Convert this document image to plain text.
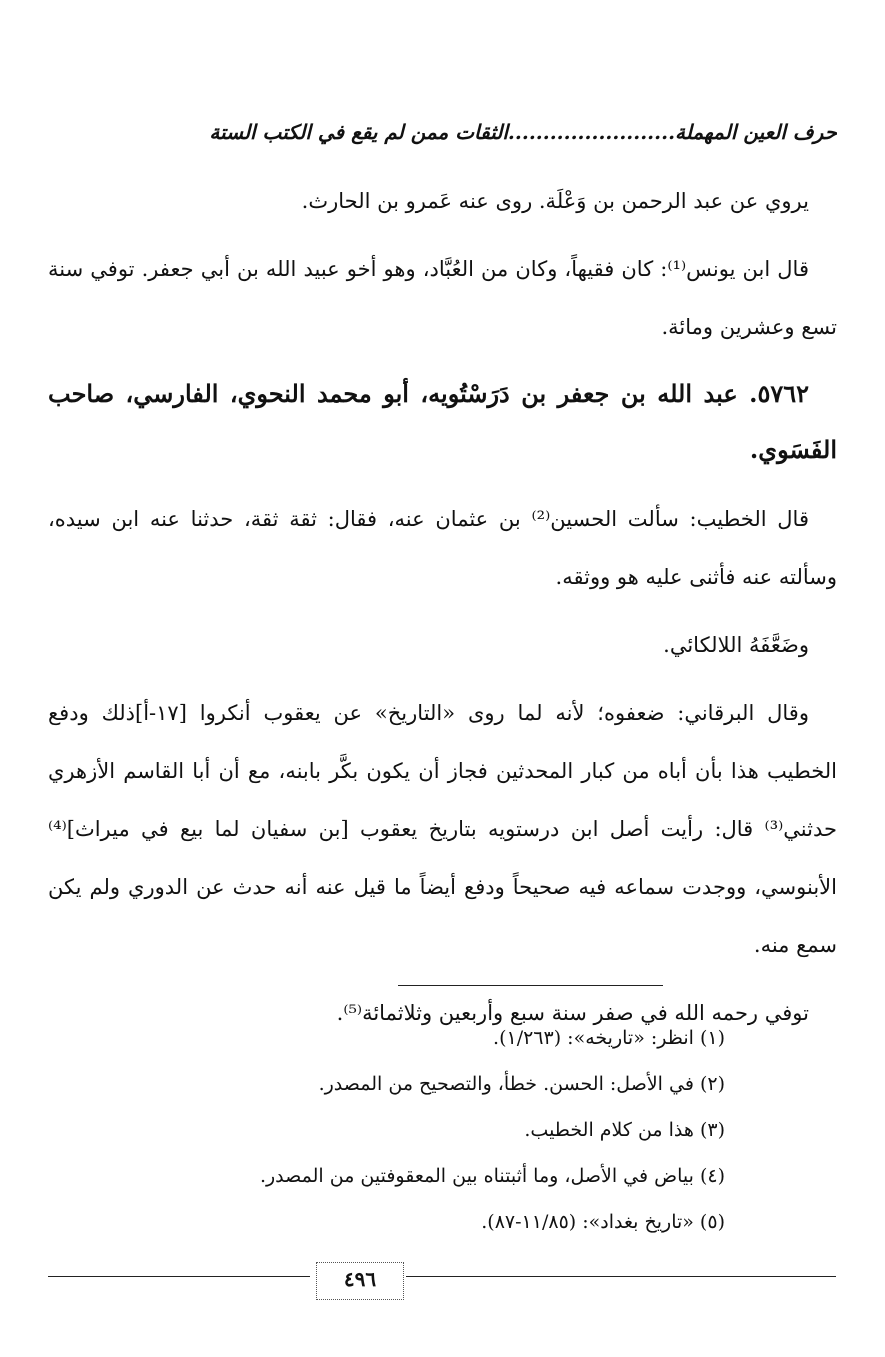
حرف العين المهملة........................الثقات ممن لم يقع في الكتب الستة

يروي عن عبد الرحمن بن وَعْلَة. روى عنه عَمرو بن الحارث.

قال ابن يونس⁽¹⁾: كان فقيهاً، وكان من العُبَّاد، وهو أخو عبيد الله بن أبي جعفر. توفي سنة تسع وعشرين ومائة.

٥٧٦٢. عبد الله بن جعفر بن دَرَسْتُويه، أبو محمد النحوي، الفارسي، صاحب الفَسَوي.

قال الخطيب: سألت الحسين⁽²⁾ بن عثمان عنه، فقال: ثقة ثقة، حدثنا عنه ابن سيده، وسألته عنه فأثنى عليه هو ووثقه.

وضَعَّفَهُ اللالكائي.

وقال البرقاني: ضعفوه؛ لأنه لما روى «التاريخ» عن يعقوب أنكروا [١٧-أ]ذلك ودفع الخطيب هذا بأن أباه من كبار المحدثين فجاز أن يكون بكَّر بابنه، مع أن أبا القاسم الأزهري حدثني⁽³⁾ قال: رأيت أصل ابن درستويه بتاريخ يعقوب [بن سفيان لما بيع في ميراث]⁽⁴⁾ الأبنوسي، ووجدت سماعه فيه صحيحاً ودفع أيضاً ما قيل عنه أنه حدث عن الدوري ولم يكن سمع منه.

توفي رحمه الله في صفر سنة سبع وأربعين وثلاثمائة⁽⁵⁾.

(١) انظر: «تاريخه»: (١/٢٦٣).

(٢) في الأصل: الحسن. خطأ، والتصحيح من المصدر.

(٣) هذا من كلام الخطيب.

(٤) بياض في الأصل، وما أثبتناه بين المعقوفتين من المصدر.

(٥) «تاريخ بغداد»: (١١/٨٥-٨٧).

٤٩٦
